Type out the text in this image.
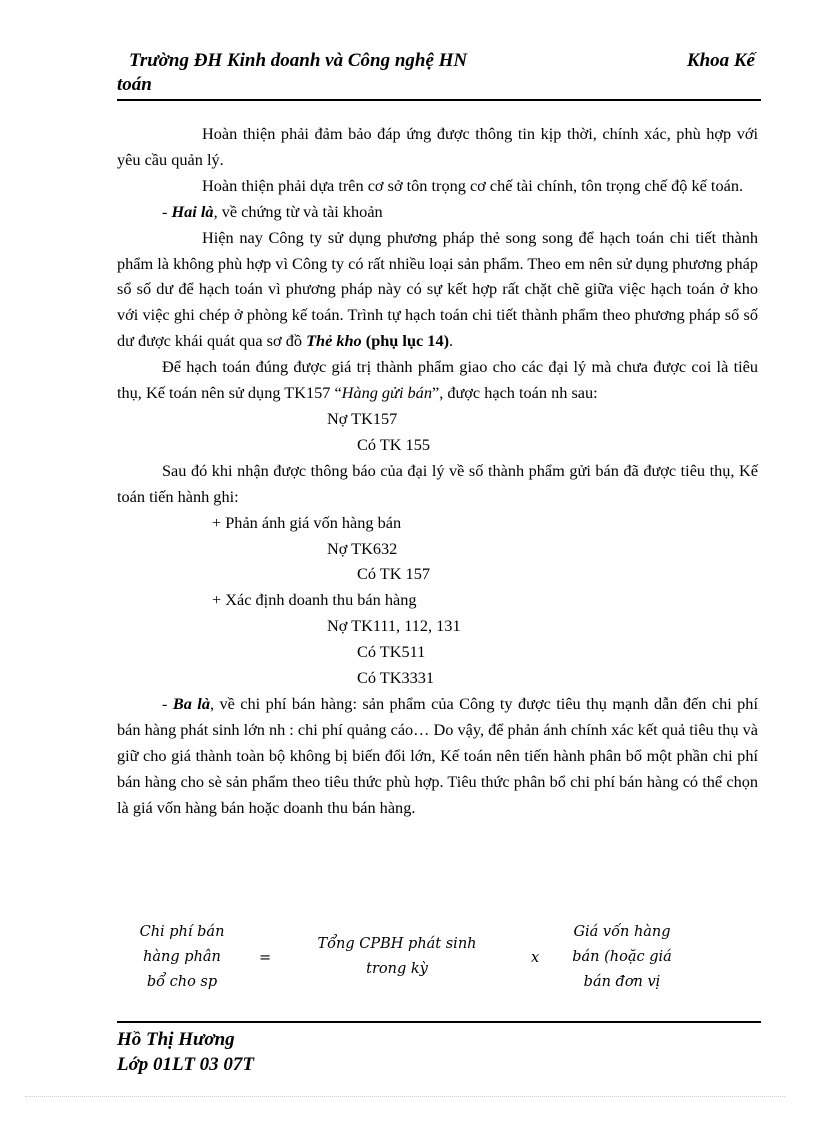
Trường ĐH Kinh doanh và Công nghệ HN	Khoa Kế
toán

Hoàn thiện phải đảm bảo đáp ứng được thông tin kịp thời, chính xác, phù hợp với yêu cầu quản lý.

Hoàn thiện phải dựa trên cơ sở tôn trọng cơ chế tài chính, tôn trọng chế độ kế toán.

- Hai là, về chứng từ và tài khoản

Hiện nay Công ty sử dụng phương pháp thẻ song song để hạch toán chi tiết thành phẩm là không phù hợp vì Công ty có rất nhiều loại sản phẩm. Theo em nên sử dụng phương pháp sổ số dư để hạch toán vì phương pháp này có sự kết hợp rất chặt chẽ giữa việc hạch toán ở kho với việc ghi chép ở phòng kế toán. Trình tự hạch toán chi tiết thành phẩm theo phương pháp sổ số dư được khái quát qua sơ đồ Thẻ kho (phụ lục 14).

Để hạch toán đúng được giá trị thành phẩm giao cho các đại lý mà chưa được coi là tiêu thụ, Kế toán nên sử dụng TK157 “Hàng gửi bán”, được hạch toán nh sau:

Nợ TK157

Có TK 155

Sau đó khi nhận được thông báo của đại lý về số thành phẩm gửi bán đã được tiêu thụ, Kế toán tiến hành ghi:

+ Phản ánh giá vốn hàng bán

Nợ TK632

Có TK 157

+ Xác định doanh thu bán hàng

Nợ TK111, 112, 131

Có TK511

Có TK3331

- Ba là, về chi phí bán hàng: sản phẩm của Công ty được tiêu thụ mạnh dẫn đến chi phí bán hàng phát sinh lớn nh : chi phí quảng cáo… Do vậy, để phản ánh chính xác kết quả tiêu thụ và giữ cho giá thành toàn bộ không bị biến đổi lớn, Kế toán nên tiến hành phân bổ một phần chi phí bán hàng cho sè sản phẩm theo tiêu thức phù hợp. Tiêu thức phân bổ chi phí bán hàng có thể chọn là giá vốn hàng bán hoặc doanh thu bán hàng.

Chi phí bán
hàng phân
bổ cho sp
=
Tổng CPBH phát sinh
trong kỳ
x
Giá vốn hàng
bán (hoặc giá
bán đơn vị
Hồ Thị Hương
Lớp 01LT 03 07T
